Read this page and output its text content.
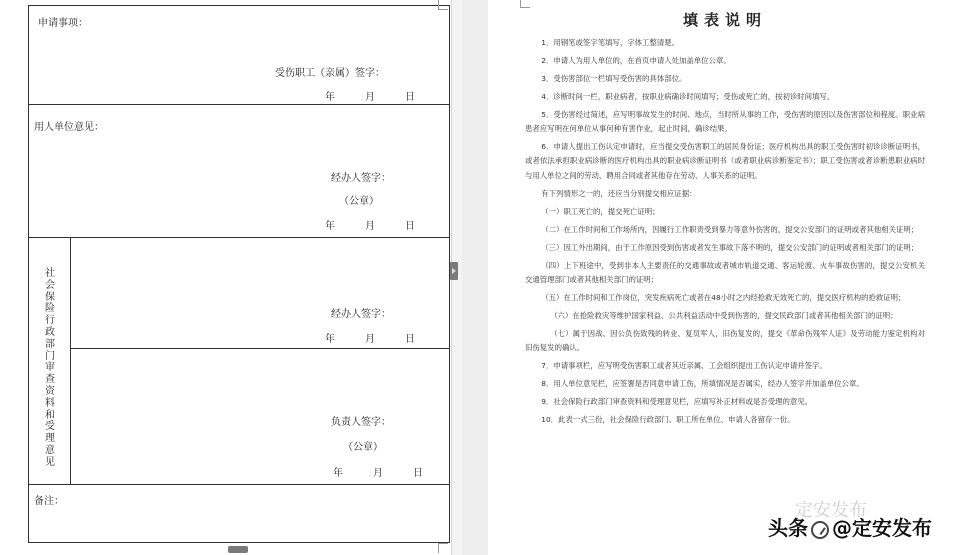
申请事项：
受伤职工（亲属）签字：
年　　　月　　　日
用人单位意见：
经办人签字：
（公章）
年　　　月　　　日
社会保险行政部门审查资料和受理意见
经办人签字：
年　　　月　　　日
负责人签字：
（公章）
年　　　月　　　日
备注：
填表说明

1．用钢笔或签字笔填写，字体工整清楚。

2．申请人为用人单位的，在首页申请人处加盖单位公章。

3．受伤害部位一栏填写受伤害的具体部位。

4．诊断时间一栏，职业病者，按职业病确诊时间填写；受伤或死亡的，按初诊时间填写。

5．受伤害经过简述，应写明事故发生的时间、地点，当时所从事的工作，受伤害的原因以及伤害部位和程度。职业病患者应写明在何单位从事何种有害作业，起止时间，确诊结果。

6．申请人提出工伤认定申请时，应当提交受伤害职工的居民身份证；医疗机构出具的职工受伤害时初诊诊断证明书，或者依法承担职业病诊断的医疗机构出具的职业病诊断证明书（或者职业病诊断鉴定书）；职工受伤害或者诊断患职业病时与用人单位之间的劳动、聘用合同或者其他存在劳动、人事关系的证明。

有下列情形之一的，还应当分别提交相应证据：

（一）职工死亡的，提交死亡证明；

（二）在工作时间和工作场所内，因履行工作职责受到暴力等意外伤害的，提交公安部门的证明或者其他相关证明；

（三）因工外出期间，由于工作原因受到伤害或者发生事故下落不明的，提交公安部门的证明或者相关部门的证明；

（四）上下班途中，受到非本人主要责任的交通事故或者城市轨道交通、客运轮渡、火车事故伤害的，提交公安机关交通管理部门或者其他相关部门的证明；

（五）在工作时间和工作岗位，突发疾病死亡或者在48小时之内经抢救无效死亡的，提交医疗机构的抢救证明；

（六）在抢险救灾等维护国家利益、公共利益活动中受到伤害的，提交民政部门或者其他相关部门的证明；

（七）属于因战、因公负伤致残的转业、复员军人，旧伤复发的，提交《革命伤残军人证》及劳动能力鉴定机构对旧伤复发的确认。

7．申请事项栏，应写明受伤害职工或者其近亲属、工会组织提出工伤认定申请并签字。

8．用人单位意见栏，应签署是否同意申请工伤，所填情况是否属实，经办人签字并加盖单位公章。

9．社会保险行政部门审查资料和受理意见栏，应填写补正材料或是否受理的意见。

10．此表一式三份，社会保险行政部门、职工所在单位、申请人各留存一份。

定安发布
头条 @定安发布
